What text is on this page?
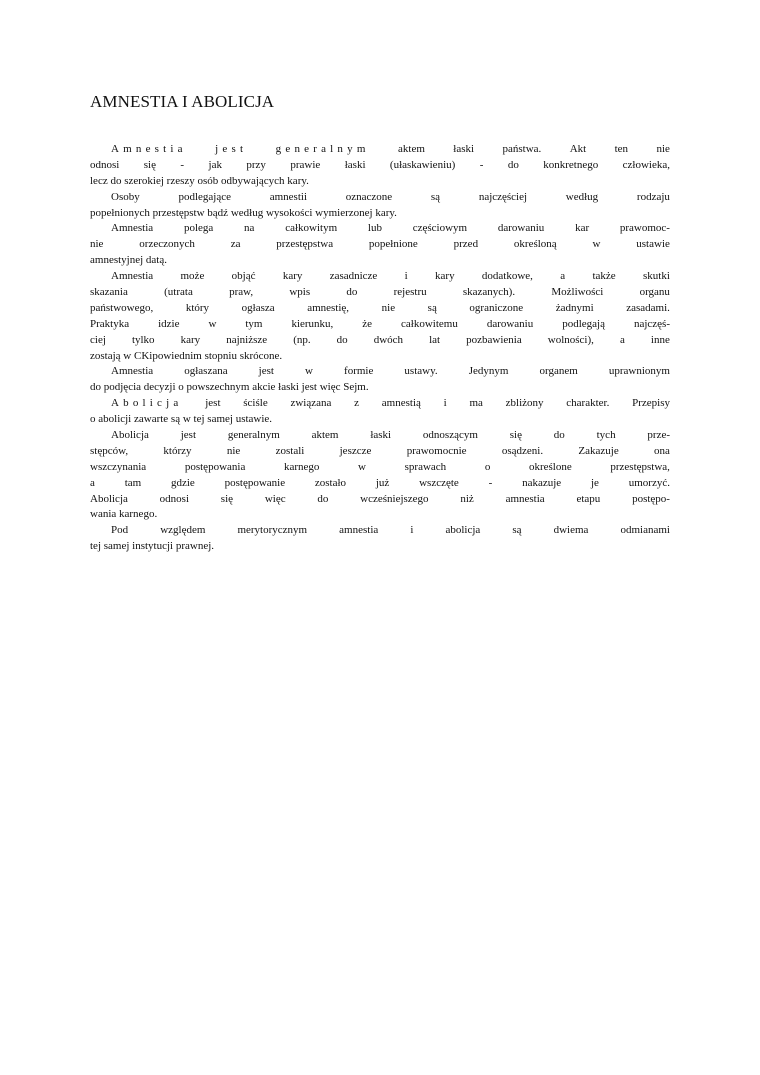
AMNESTIA I ABOLICJA
Amnestia	jest	generalnym	aktem	łaski	państwa.	Akt	ten	nie
odnosi się - jak przy prawie łaski (ułaskawieniu) - do konkretnego człowieka,
lecz do szerokiej rzeszy osób odbywających kary.
Osoby	podlegające	amnestii	oznaczone	są	najczęściej	według	rodzaju
popełnionych przestępstw bądź według wysokości wymierzonej kary.
Amnestia	polega	na	całkowitym	lub	częściowym	darowaniu	kar	prawomoc-
nie	orzeczonych	za	przestępstwa	popełnione	przed	określoną	w	ustawie
amnestyjnej datą.
Amnestia może objąć kary zasadnicze i kary dodatkowe, a także skutki
skazania	(utrata	praw,	wpis	do	rejestru	skazanych).	Możliwości	organu
państwowego,	który	ogłasza	amnestię,	nie	są	ograniczone	żadnymi	zasadami.
Praktyka	idzie	w	tym	kierunku,	że	całkowitemu	darowaniu	podlegają	najczęś-
ciej tylko kary najniższe (np. do dwóch lat pozbawienia wolności), a inne
zostają w CKipowiednim stopniu skrócone.
Amnestia	ogłaszana	jest	w	formie	ustawy.	Jedynym	organem	uprawnionym
do podjęcia decyzji o powszechnym akcie łaski jest więc Sejm.
Abolicja jest ściśle związana z amnestią i ma zbliżony charakter. Przepisy
o abolicji zawarte są w tej samej ustawie.
Abolicja	jest	generalnym	aktem	łaski	odnoszącym	się	do	tych	prze-
stępców,	którzy	nie	zostali	jeszcze	prawomocnie	osądzeni.	Zakazuje	ona
wszczynania	postępowania	karnego	w	sprawach	o	określone	przestępstwa,
a	tam	gdzie	postępowanie	zostało	już	wszczęte	-	nakazuje	je	umorzyć.
Abolicja	odnosi	się	więc	do	wcześniejszego	niż	amnestia	etapu	postępo-
wania karnego.
Pod	względem	merytorycznym	amnestia	i	abolicja	są	dwiema	odmianami
tej samej instytucji prawnej.
